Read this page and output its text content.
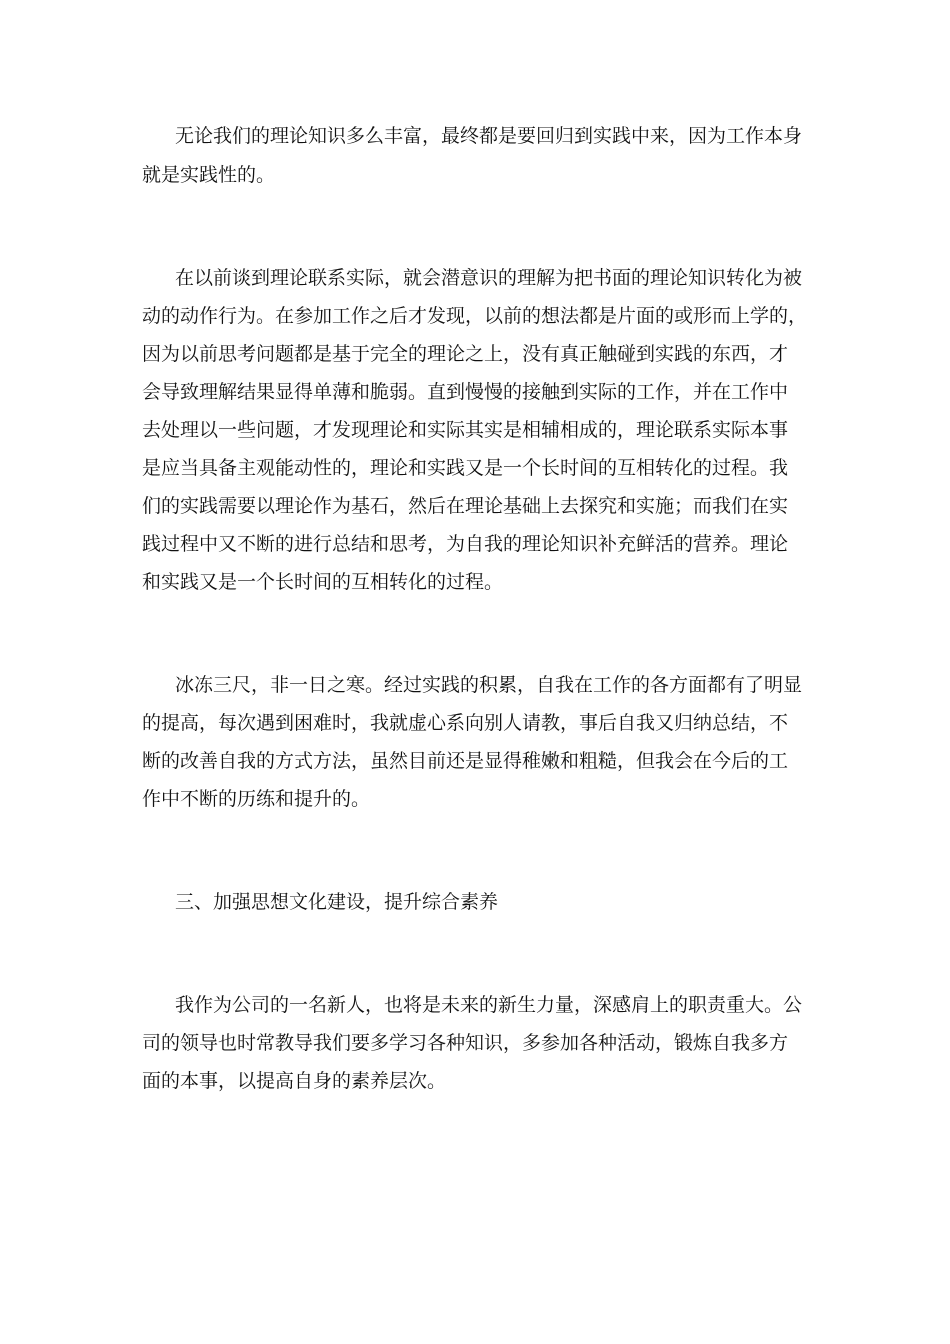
无论我们的理论知识多么丰富，最终都是要回归到实践中来，因为工作本身

就是实践性的。

在以前谈到理论联系实际，就会潜意识的理解为把书面的理论知识转化为被

动的动作行为。在参加工作之后才发现，以前的想法都是片面的或形而上学的，

因为以前思考问题都是基于完全的理论之上，没有真正触碰到实践的东西，才

会导致理解结果显得单薄和脆弱。直到慢慢的接触到实际的工作，并在工作中

去处理以一些问题，才发现理论和实际其实是相辅相成的，理论联系实际本事

是应当具备主观能动性的，理论和实践又是一个长时间的互相转化的过程。我

们的实践需要以理论作为基石，然后在理论基础上去探究和实施；而我们在实

践过程中又不断的进行总结和思考，为自我的理论知识补充鲜活的营养。理论

和实践又是一个长时间的互相转化的过程。

冰冻三尺，非一日之寒。经过实践的积累，自我在工作的各方面都有了明显

的提高，每次遇到困难时，我就虚心系向别人请教，事后自我又归纳总结，不

断的改善自我的方式方法，虽然目前还是显得稚嫩和粗糙，但我会在今后的工

作中不断的历练和提升的。

三、加强思想文化建设，提升综合素养

我作为公司的一名新人，也将是未来的新生力量，深感肩上的职责重大。公

司的领导也时常教导我们要多学习各种知识，多参加各种活动，锻炼自我多方

面的本事，以提高自身的素养层次。
